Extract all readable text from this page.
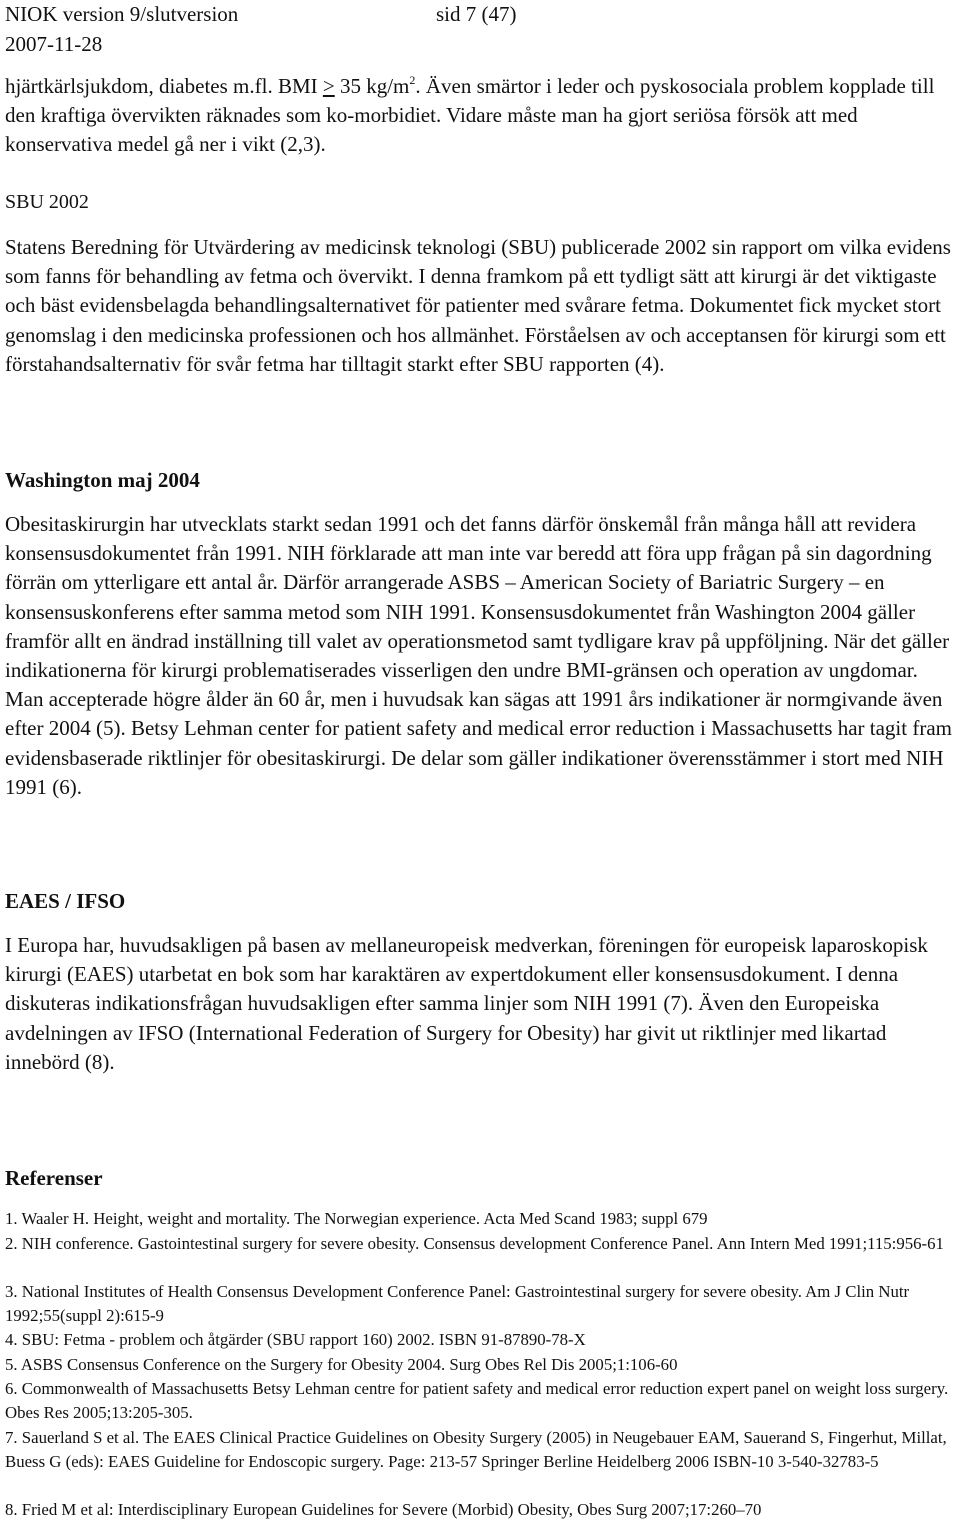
NIOK version 9/slutversion	sid 7 (47)
2007-11-28

hjärtkärlsjukdom, diabetes m.fl. BMI ≥ 35 $kg/m^2$. Även smärtor i leder och pyskosociala problem kopplade till den kraftiga övervikten räknades som ko-morbidiet. Vidare måste man ha gjort seriösa försök att med konservativa medel gå ner i vikt (2,3).

SBU 2002

Statens Beredning för Utvärdering av medicinsk teknologi (SBU) publicerade 2002 sin rapport om vilka evidens som fanns för behandling av fetma och övervikt. I denna framkom på ett tydligt sätt att kirurgi är det viktigaste och bäst evidensbelagda behandlingsalternativet för patienter med svårare fetma. Dokumentet fick mycket stort genomslag i den medicinska professionen och hos allmänhet. Förståelsen av och acceptansen för kirurgi som ett förstahandsalternativ för svår fetma har tilltagit starkt efter SBU rapporten (4).

Washington maj 2004

Obesitaskirurgin har utvecklats starkt sedan 1991 och det fanns därför önskemål från många håll att revidera konsensusdokumentet från 1991. NIH förklarade att man inte var beredd att föra upp frågan på sin dagordning förrän om ytterligare ett antal år. Därför arrangerade ASBS – American Society of Bariatric Surgery – en konsensuskonferens efter samma metod som NIH 1991. Konsensusdokumentet från Washington 2004 gäller framför allt en ändrad inställning till valet av operationsmetod samt tydligare krav på uppföljning. När det gäller indikationerna för kirurgi problematiserades visserligen den undre BMI-gränsen och operation av ungdomar. Man accepterade högre ålder än 60 år, men i huvudsak kan sägas att 1991 års indikationer är normgivande även efter 2004 (5). Betsy Lehman center for patient safety and medical error reduction i Massachusetts har tagit fram evidensbaserade riktlinjer för obesitaskirurgi. De delar som gäller indikationer överensstämmer i stort med NIH 1991 (6).

EAES / IFSO

I Europa har, huvudsakligen på basen av mellaneuropeisk medverkan, föreningen för europeisk laparoskopisk kirurgi (EAES) utarbetat en bok som har karaktären av expertdokument eller konsensusdokument. I denna diskuteras indikationsfrågan huvudsakligen efter samma linjer som NIH 1991 (7). Även den Europeiska avdelningen av IFSO (International Federation of Surgery for Obesity) har givit ut riktlinjer med likartad innebörd (8).

Referenser

1. Waaler H. Height, weight and mortality. The Norwegian experience. Acta Med Scand 1983; suppl 679

2. NIH conference. Gastointestinal surgery for severe obesity. Consensus development Conference Panel. Ann Intern Med 1991;115:956-61

3. National Institutes of Health Consensus Development Conference Panel: Gastrointestinal surgery for severe obesity. Am J Clin Nutr 1992;55(suppl 2):615-9

4. SBU: Fetma - problem och åtgärder (SBU rapport 160) 2002. ISBN 91-87890-78-X

5. ASBS Consensus Conference on the Surgery for Obesity 2004. Surg Obes Rel Dis 2005;1:106-60

6. Commonwealth of Massachusetts Betsy Lehman centre for patient safety and medical error reduction expert panel on weight loss surgery. Obes Res 2005;13:205-305.

7. Sauerland S et al. The EAES Clinical Practice Guidelines on Obesity Surgery (2005) in Neugebauer EAM, Sauerand S, Fingerhut, Millat, Buess G (eds): EAES Guideline for Endoscopic surgery. Page: 213-57 Springer Berline Heidelberg 2006 ISBN-10 3-540-32783-5

8. Fried M et al: Interdisciplinary European Guidelines for Severe (Morbid) Obesity, Obes Surg 2007;17:260–70
